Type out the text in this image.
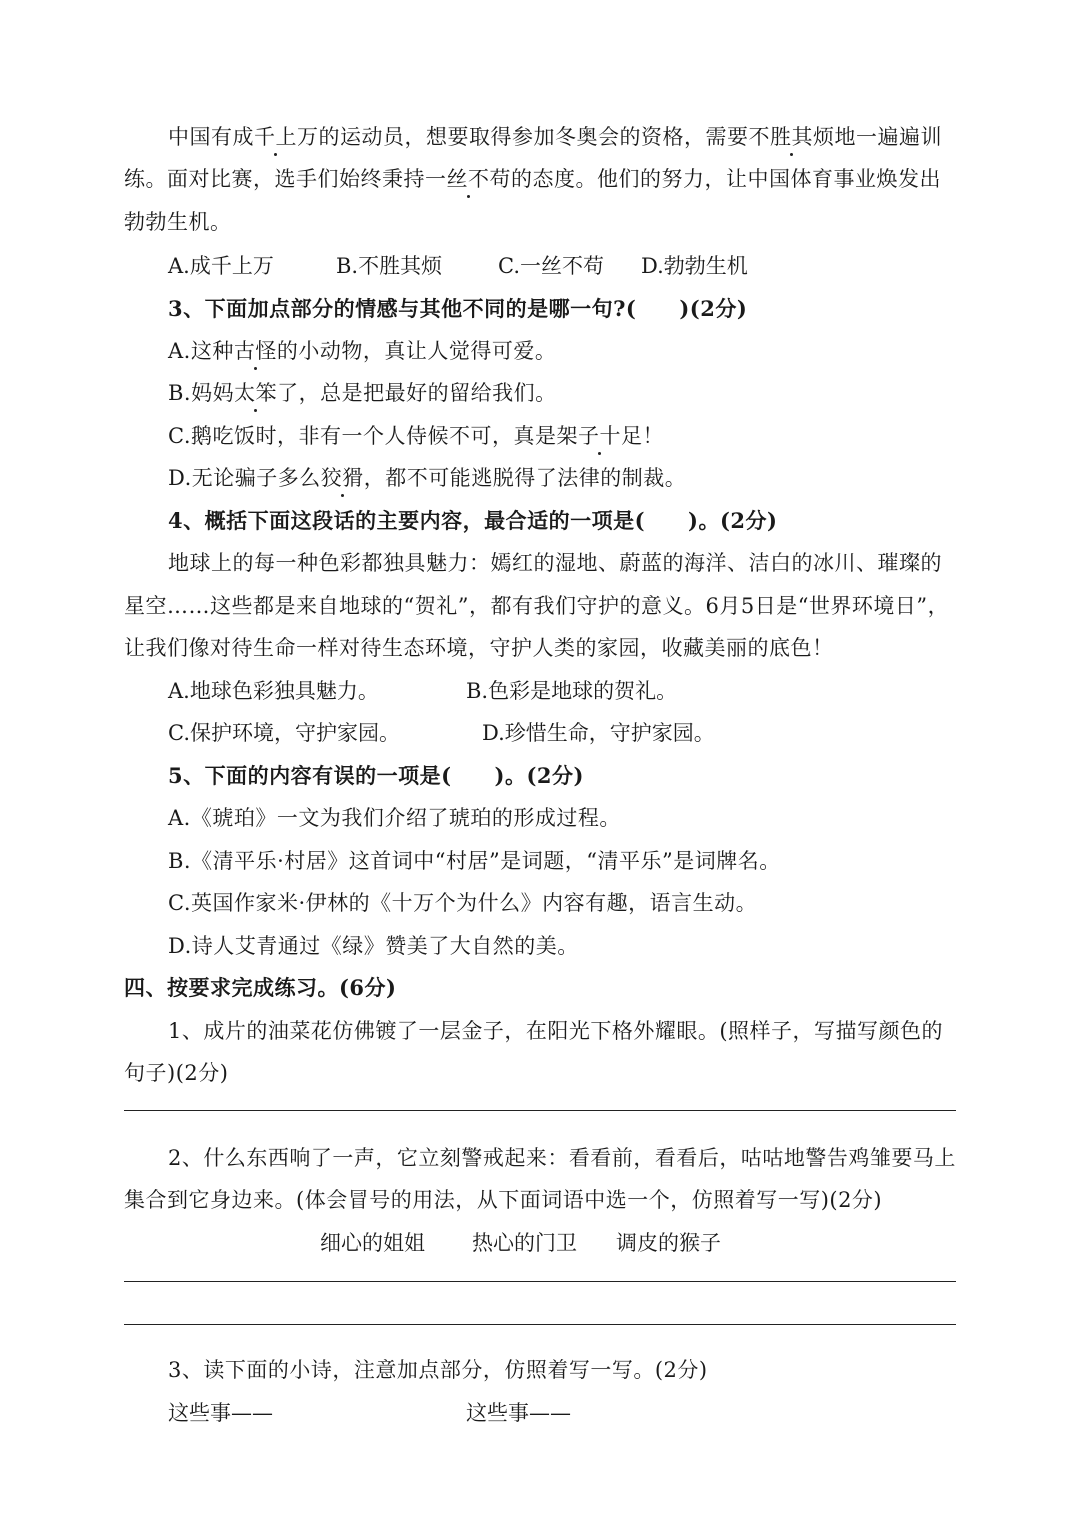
中国有成千上万的运动员，想要取得参加冬奥会的资格，需要不胜其烦地一遍遍训
练。面对比赛，选手们始终秉持一丝不苟的态度。他们的努力，让中国体育事业焕发出
勃勃生机。
A.成千上万	B.不胜其烦	C.一丝不苟 D.勃勃生机
3、下面加点部分的情感与其他不同的是哪一句?(　　)(2分)
A.这种古怪的小动物，真让人觉得可爱。
B.妈妈太笨了，总是把最好的留给我们。
C.鹅吃饭时，非有一个人侍候不可，真是架子十足！
D.无论骗子多么狡猾，都不可能逃脱得了法律的制裁。
4、概括下面这段话的主要内容，最合适的一项是(　　)。(2分)
地球上的每一种色彩都独具魅力：嫣红的湿地、蔚蓝的海洋、洁白的冰川、璀璨的
星空……这些都是来自地球的“贺礼”，都有我们守护的意义。6月5日是“世界环境日”，
让我们像对待生命一样对待生态环境，守护人类的家园，收藏美丽的底色！
A.地球色彩独具魅力。	B.色彩是地球的贺礼。
C.保护环境，守护家园。	D.珍惜生命，守护家园。
5、下面的内容有误的一项是(　　)。(2分)
A.《琥珀》一文为我们介绍了琥珀的形成过程。
B.《清平乐·村居》这首词中“村居”是词题，“清平乐”是词牌名。
C.英国作家米·伊林的《十万个为什么》内容有趣，语言生动。
D.诗人艾青通过《绿》赞美了大自然的美。
四、按要求完成练习。(6分)
1、成片的油菜花仿佛镀了一层金子，在阳光下格外耀眼。(照样子，写描写颜色的
句子)(2分)
2、什么东西响了一声，它立刻警戒起来：看看前，看看后，咕咕地警告鸡雏要马上
集合到它身边来。(体会冒号的用法，从下面词语中选一个，仿照着写一写)(2分)
细心的姐姐 热心的门卫 调皮的猴子
3、读下面的小诗，注意加点部分，仿照着写一写。(2分)
这些事——	这些事——
